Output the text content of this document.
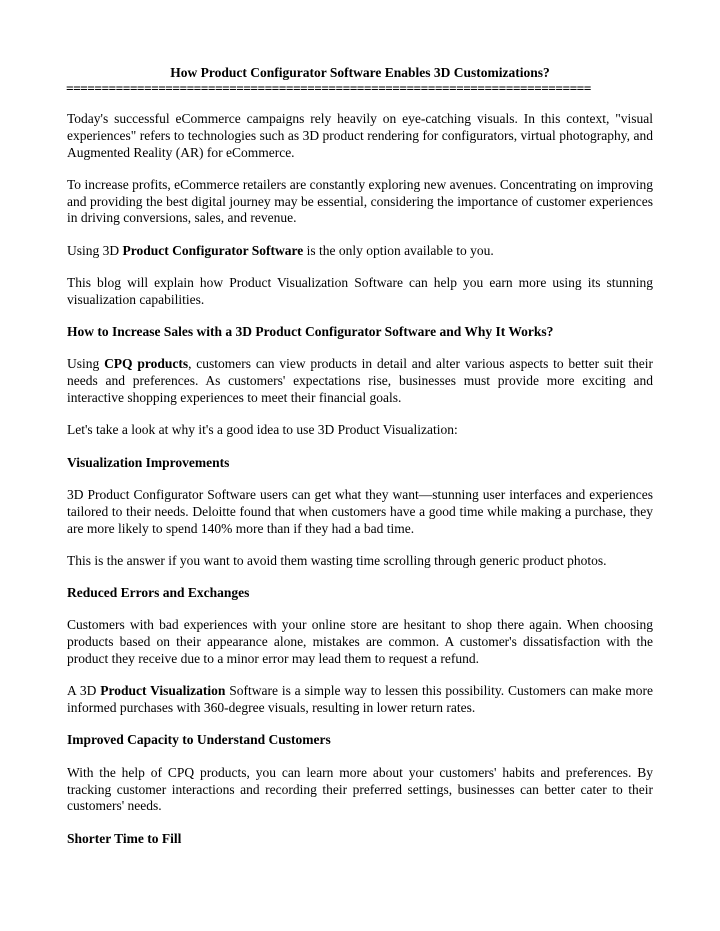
How Product Configurator Software Enables 3D Customizations?
==========================================================================

Today's successful eCommerce campaigns rely heavily on eye-catching visuals. In this context, "visual experiences" refers to technologies such as 3D product rendering for configurators, virtual photography, and Augmented Reality (AR) for eCommerce.

To increase profits, eCommerce retailers are constantly exploring new avenues. Concentrating on improving and providing the best digital journey may be essential, considering the importance of customer experiences in driving conversions, sales, and revenue.

Using 3D Product Configurator Software is the only option available to you.

This blog will explain how Product Visualization Software can help you earn more using its stunning visualization capabilities.

How to Increase Sales with a 3D Product Configurator Software and Why It Works?

Using CPQ products, customers can view products in detail and alter various aspects to better suit their needs and preferences. As customers' expectations rise, businesses must provide more exciting and interactive shopping experiences to meet their financial goals.

Let's take a look at why it's a good idea to use 3D Product Visualization:

Visualization Improvements

3D Product Configurator Software users can get what they want—stunning user interfaces and experiences tailored to their needs. Deloitte found that when customers have a good time while making a purchase, they are more likely to spend 140% more than if they had a bad time.

This is the answer if you want to avoid them wasting time scrolling through generic product photos.

Reduced Errors and Exchanges

Customers with bad experiences with your online store are hesitant to shop there again. When choosing products based on their appearance alone, mistakes are common. A customer's dissatisfaction with the product they receive due to a minor error may lead them to request a refund.

A 3D Product Visualization Software is a simple way to lessen this possibility. Customers can make more informed purchases with 360-degree visuals, resulting in lower return rates.

Improved Capacity to Understand Customers

With the help of CPQ products, you can learn more about your customers' habits and preferences. By tracking customer interactions and recording their preferred settings, businesses can better cater to their customers' needs.

Shorter Time to Fill
